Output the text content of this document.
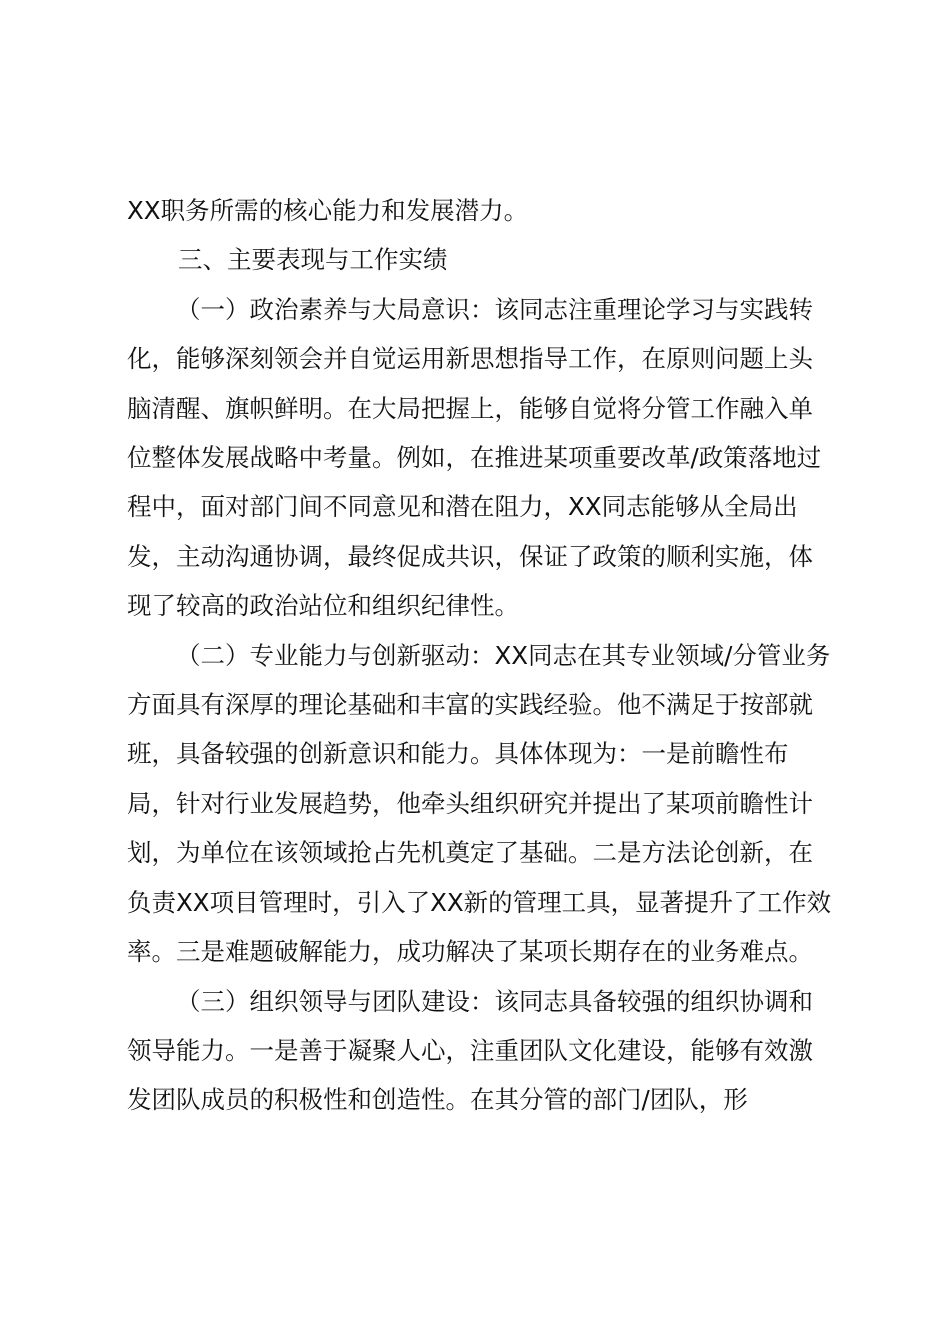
XX职务所需的核心能力和发展潜力。

三、主要表现与工作实绩

（一）政治素养与大局意识：该同志注重理论学习与实践转化，能够深刻领会并自觉运用新思想指导工作，在原则问题上头脑清醒、旗帜鲜明。在大局把握上，能够自觉将分管工作融入单位整体发展战略中考量。例如，在推进某项重要改革/政策落地过程中，面对部门间不同意见和潜在阻力，XX同志能够从全局出发，主动沟通协调，最终促成共识，保证了政策的顺利实施，体现了较高的政治站位和组织纪律性。

（二）专业能力与创新驱动：XX同志在其专业领域/分管业务方面具有深厚的理论基础和丰富的实践经验。他不满足于按部就班，具备较强的创新意识和能力。具体体现为：一是前瞻性布局，针对行业发展趋势，他牵头组织研究并提出了某项前瞻性计划，为单位在该领域抢占先机奠定了基础。二是方法论创新，在负责XX项目管理时，引入了XX新的管理工具，显著提升了工作效率。三是难题破解能力，成功解决了某项长期存在的业务难点。

（三）组织领导与团队建设：该同志具备较强的组织协调和领导能力。一是善于凝聚人心，注重团队文化建设，能够有效激发团队成员的积极性和创造性。在其分管的部门/团队，形
